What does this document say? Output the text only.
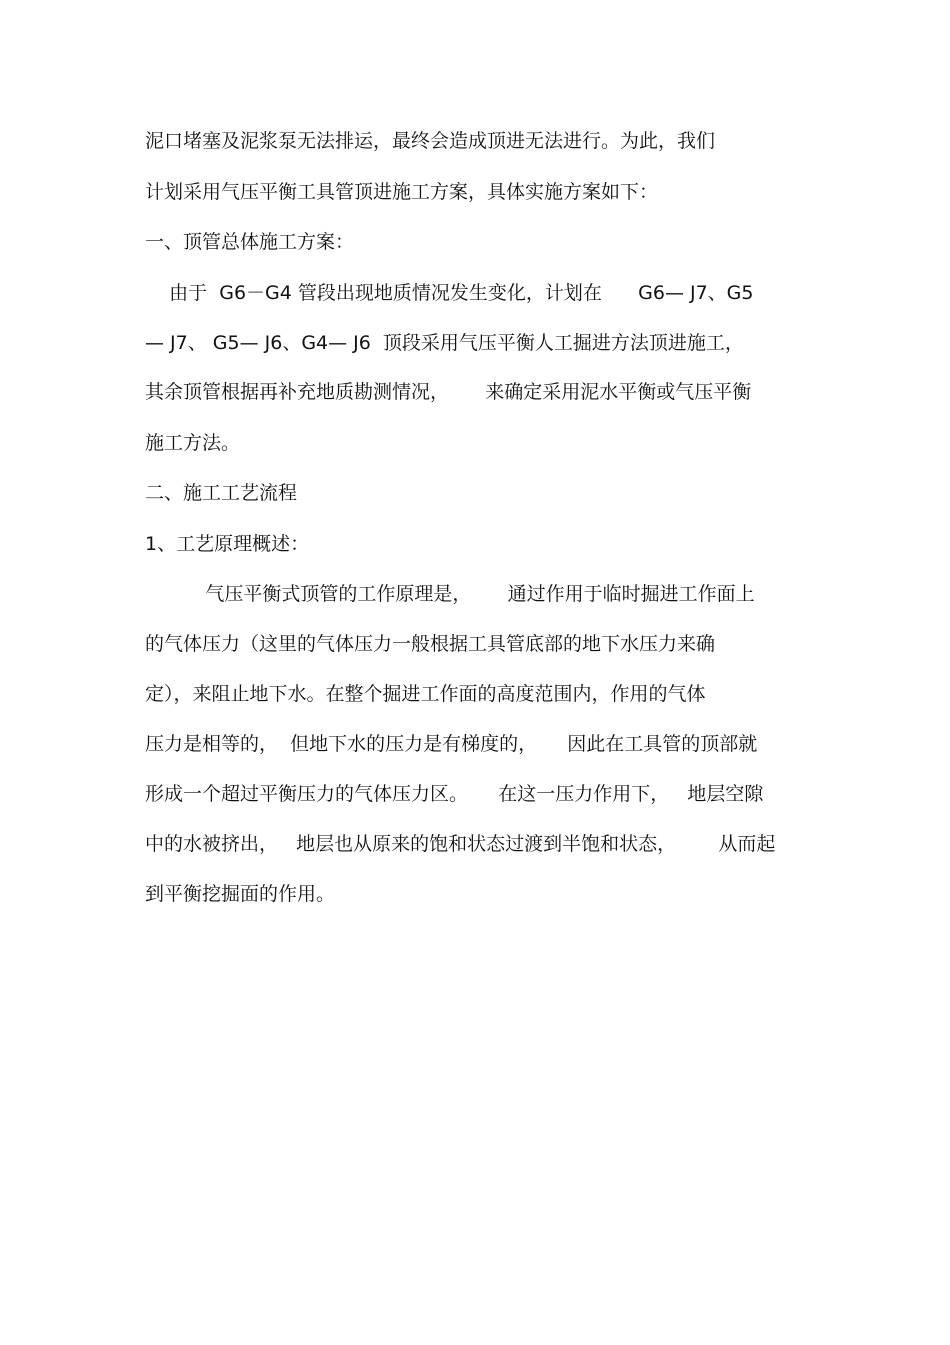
泥口堵塞及泥浆泵无法排运，最终会造成顶进无法进行。为此，我们
计划采用气压平衡工具管顶进施工方案，具体实施方案如下：
一、顶管总体施工方案：
由于  G6－G4 管段出现地质情况发生变化，计划在      G6— J7、G5
— J7、 G5— J6、G4— J6  顶段采用气压平衡人工掘进方法顶进施工，
其余顶管根据再补充地质勘测情况，      来确定采用泥水平衡或气压平衡
施工方法。
二、施工工艺流程
1、工艺原理概述：
气压平衡式顶管的工作原理是，      通过作用于临时掘进工作面上
的气体压力（这里的气体压力一般根据工具管底部的地下水压力来确
定），来阻止地下水。在整个掘进工作面的高度范围内，作用的气体
压力是相等的，  但地下水的压力是有梯度的，     因此在工具管的顶部就
形成一个超过平衡压力的气体压力区。     在这一压力作用下，   地层空隙
中的水被挤出，   地层也从原来的饱和状态过渡到半饱和状态，       从而起
到平衡挖掘面的作用。
